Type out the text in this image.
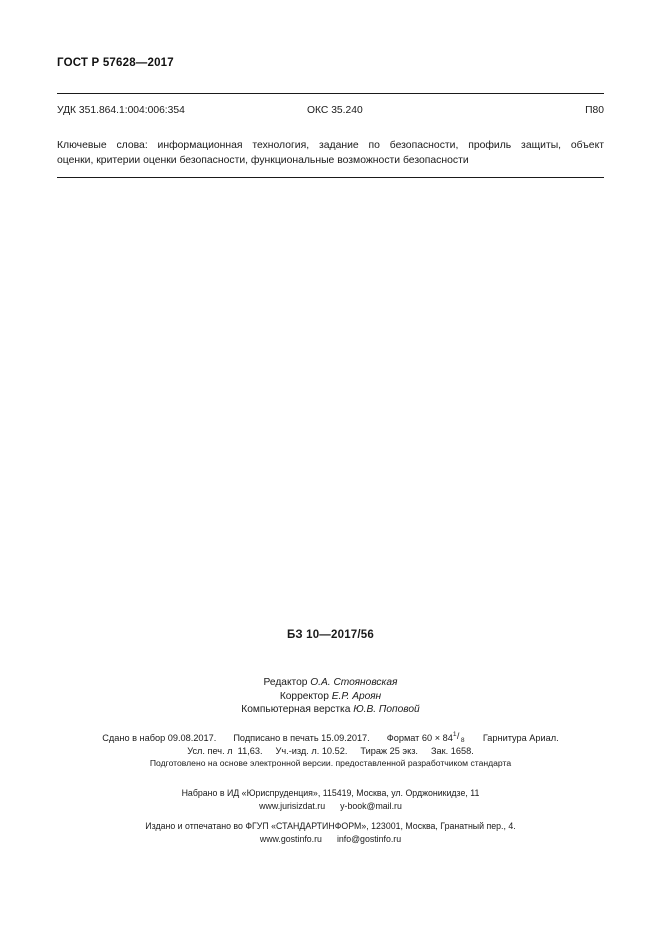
ГОСТ Р 57628—2017
УДК 351.864.1:004:006:354	ОКС 35.240	П80
Ключевые слова: информационная технология, задание по безопасности, профиль защиты, объект
оценки, критерии оценки безопасности, функциональные возможности безопасности
БЗ 10—2017/56
Редактор О.А. Стояновская
Корректор Е.Р. Ароян
Компьютерная верстка Ю.В. Поповой
Сдано в набор 09.08.2017. Подписано в печать 15.09.2017. Формат 60 × 84 1 / 8 Гарнитура Ариал.
Усл. печ. л  11,63. Уч.-изд. л. 10.52. Тираж 25 экз. Зак. 1658.
Подготовлено на основе электронной версии. предоставленной разработчиком стандарта
Набрано в ИД «Юриспруденция», 115419, Москва, ул. Орджоникидзе, 11
www.jurisizdat.ru y-book@mail.ru
Издано и отпечатано во ФГУП «СТАНДАРТИНФОРМ», 123001, Москва, Гранатный пер., 4.
www.gostinfo.ru info@gostinfo.ru
